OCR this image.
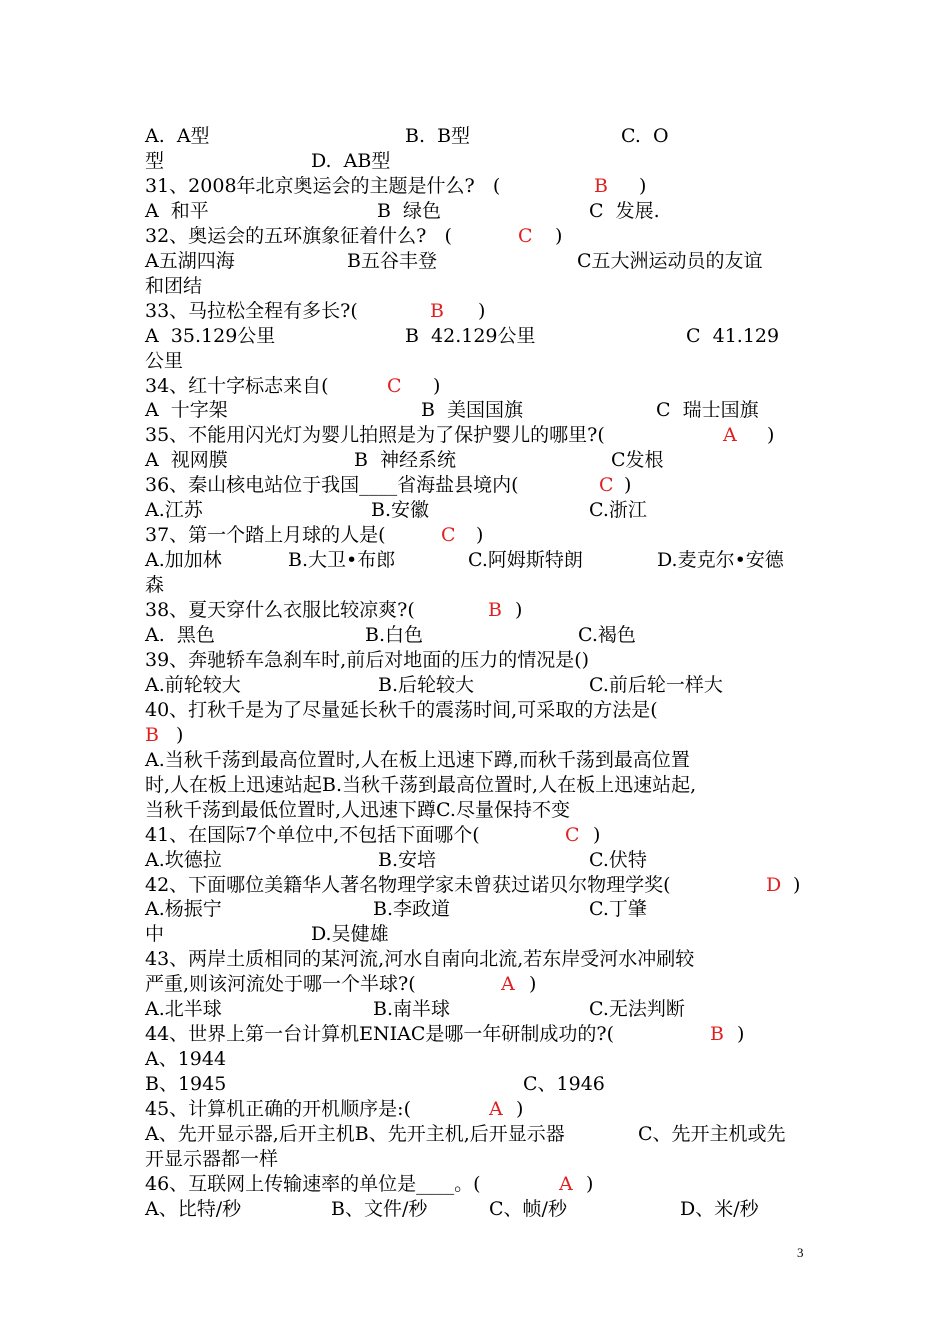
3
A.  A型	B.  B型	C.  O
型	D.  AB型
31、2008年北京奥运会的主题是什么?   (	B )
A  和平	B  绿色	C  发展.
32、奥运会的五环旗象征着什么?   (	C )
A五湖四海	B五谷丰登	C五大洲运动员的友谊
和团结
33、马拉松全程有多长?(	B )
A  35.129公里	B  42.129公里	C  41.129
公里
34、红十字标志来自(	C )
A  十字架	B  美国国旗	C  瑞士国旗
35、不能用闪光灯为婴儿拍照是为了保护婴儿的哪里?(	A )
A  视网膜	B  神经系统	C发根
36、秦山核电站位于我国____省海盐县境内(	C )
A.江苏	B.安徽	C.浙江
37、第一个踏上月球的人是(	C )
A.加加林	B.大卫•布郎	C.阿姆斯特朗	D.麦克尔•安德
森
38、夏天穿什么衣服比较凉爽?(	B )
A.  黑色	B.白色	C.褐色
39、奔驰轿车急刹车时,前后对地面的压力的情况是()
A.前轮较大	B.后轮较大	C.前后轮一样大
40、打秋千是为了尽量延长秋千的震荡时间,可采取的方法是(
B )
A.当秋千荡到最高位置时,人在板上迅速下蹲,而秋千荡到最高位置
时,人在板上迅速站起B.当秋千荡到最高位置时,人在板上迅速站起,
当秋千荡到最低位置时,人迅速下蹲C.尽量保持不变
41、在国际7个单位中,不包括下面哪个(	C )
A.坎德拉	B.安培	C.伏特
42、下面哪位美籍华人著名物理学家未曾获过诺贝尔物理学奖(	D )
A.杨振宁	B.李政道	C.丁肇
中	D.吴健雄
43、两岸土质相同的某河流,河水自南向北流,若东岸受河水冲刷较
严重,则该河流处于哪一个半球?(	A )
A.北半球	B.南半球	C.无法判断
44、世界上第一台计算机ENIAC是哪一年研制成功的?(	B )
A、1944
B、1945	C、1946
45、计算机正确的开机顺序是:(	A )
A、先开显示器,后开主机B、先开主机,后开显示器	C、先开主机或先
开显示器都一样
46、互联网上传输速率的单位是____。(	A )
A、比特/秒	B、文件/秒	C、帧/秒	D、米/秒
